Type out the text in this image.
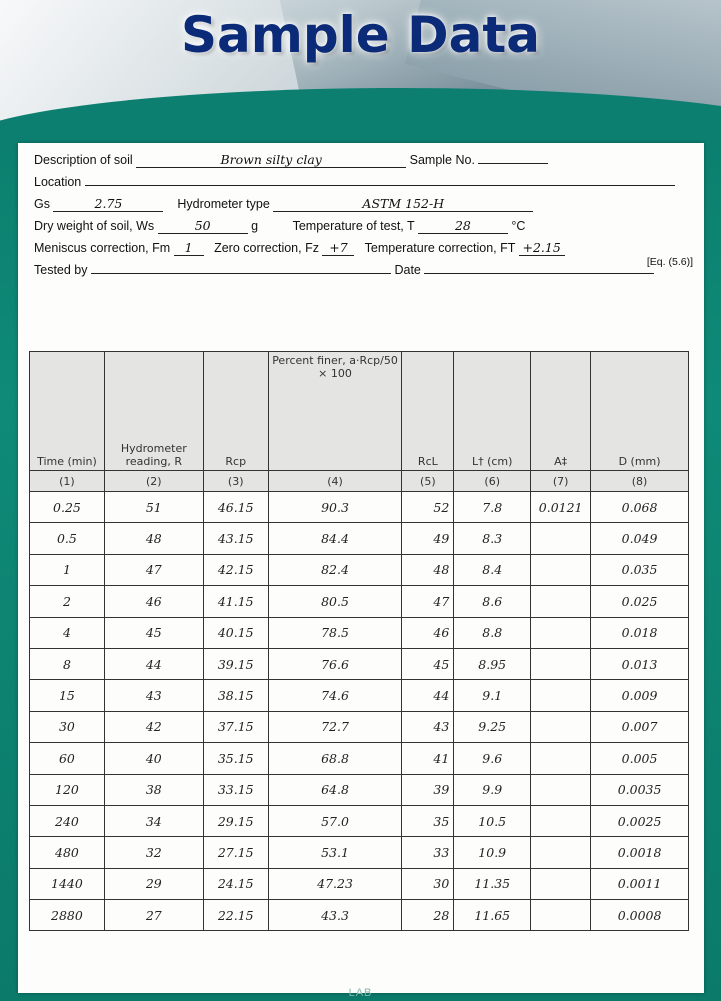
Sample Data
Description of soil	Brown silty clay	Sample No.
Location
Gs	2.75	Hydrometer type	ASTM 152-H
Dry weight of soil, Ws	50	g	Temperature of test, T	28	°C
Meniscus correction, Fm 1 Zero correction, Fz +7 Temperature correction, FT +2.15
[Eq. (5.6)]
Tested by	Date
Time (min)	Hydrometer reading, R	Rcp	Percent finer, a·Rcp/50 × 100	RcL	L† (cm)	A‡	D (mm)
(1)	(2)	(3)	(4)	(5)	(6)	(7)	(8)
0.25	51	46.15	90.3	52	7.8	0.0121	0.068
0.5	48	43.15	84.4	49	8.3		0.049
1	47	42.15	82.4	48	8.4		0.035
2	46	41.15	80.5	47	8.6		0.025
4	45	40.15	78.5	46	8.8		0.018
8	44	39.15	76.6	45	8.95		0.013
15	43	38.15	74.6	44	9.1		0.009
30	42	37.15	72.7	43	9.25		0.007
60	40	35.15	68.8	41	9.6		0.005
120	38	33.15	64.8	39	9.9		0.0035
240	34	29.15	57.0	35	10.5		0.0025
480	32	27.15	53.1	33	10.9		0.0018
1440	29	24.15	47.23	30	11.35		0.0011
2880	27	22.15	43.3	28	11.65		0.0008
LAB
